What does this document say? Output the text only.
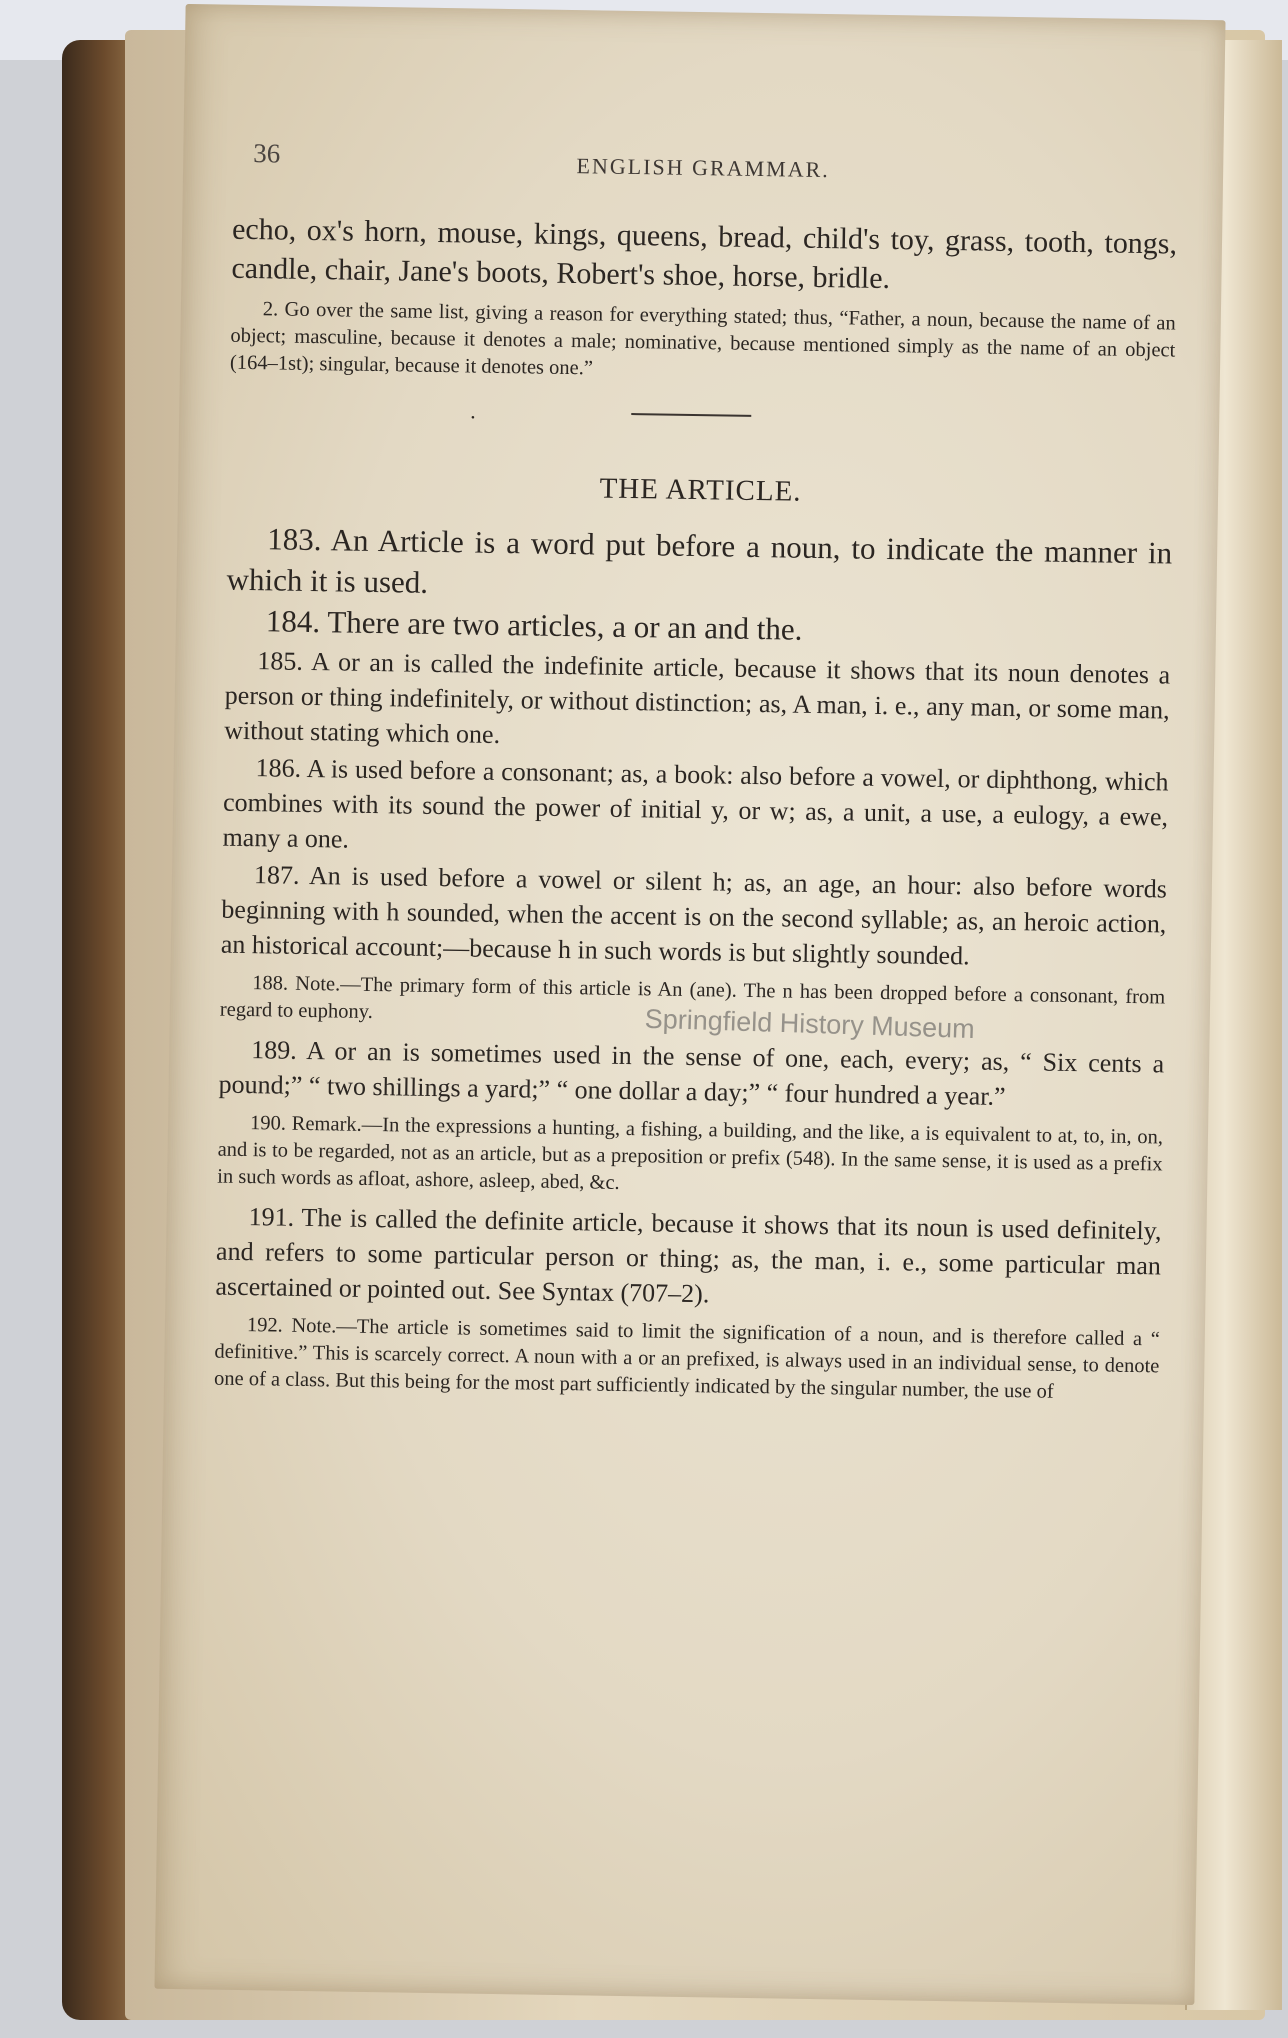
36	ENGLISH GRAMMAR.

echo, ox's horn, mouse, kings, queens, bread, child's toy, grass, tooth, tongs, candle, chair, Jane's boots, Robert's shoe, horse, bridle.

2. Go over the same list, giving a reason for everything stated; thus, “Father, a noun, because the name of an object; masculine, because it denotes a male; nominative, because mentioned simply as the name of an object (164–1st); singular, because it denotes one.”

·
THE ARTICLE.

183. An Article is a word put before a noun, to indicate the manner in which it is used.

184. There are two articles, a or an and the.

185. A or an is called the indefinite article, because it shows that its noun denotes a person or thing indefinitely, or without distinction; as, A man, i. e., any man, or some man, without stating which one.

186. A is used before a consonant; as, a book: also before a vowel, or diphthong, which combines with its sound the power of initial y, or w; as, a unit, a use, a eulogy, a ewe, many a one.

187. An is used before a vowel or silent h; as, an age, an hour: also before words beginning with h sounded, when the accent is on the second syllable; as, an heroic action, an historical account;—because h in such words is but slightly sounded.

188. Note.—The primary form of this article is An (ane). The n has been dropped before a consonant, from regard to euphony.

189. A or an is sometimes used in the sense of one, each, every; as, “ Six cents a pound;” “ two shillings a yard;” “ one dollar a day;” “ four hundred a year.”

190. Remark.—In the expressions a hunting, a fishing, a building, and the like, a is equivalent to at, to, in, on, and is to be regarded, not as an article, but as a preposition or prefix (548). In the same sense, it is used as a prefix in such words as afloat, ashore, asleep, abed, &c.

191. The is called the definite article, because it shows that its noun is used definitely, and refers to some particular person or thing; as, the man, i. e., some particular man ascertained or pointed out. See Syntax (707–2).

192. Note.—The article is sometimes said to limit the signification of a noun, and is therefore called a “ definitive.” This is scarcely correct. A noun with a or an prefixed, is always used in an individual sense, to denote one of a class. But this being for the most part sufficiently indicated by the singular number, the use of

Springfield History Museum
